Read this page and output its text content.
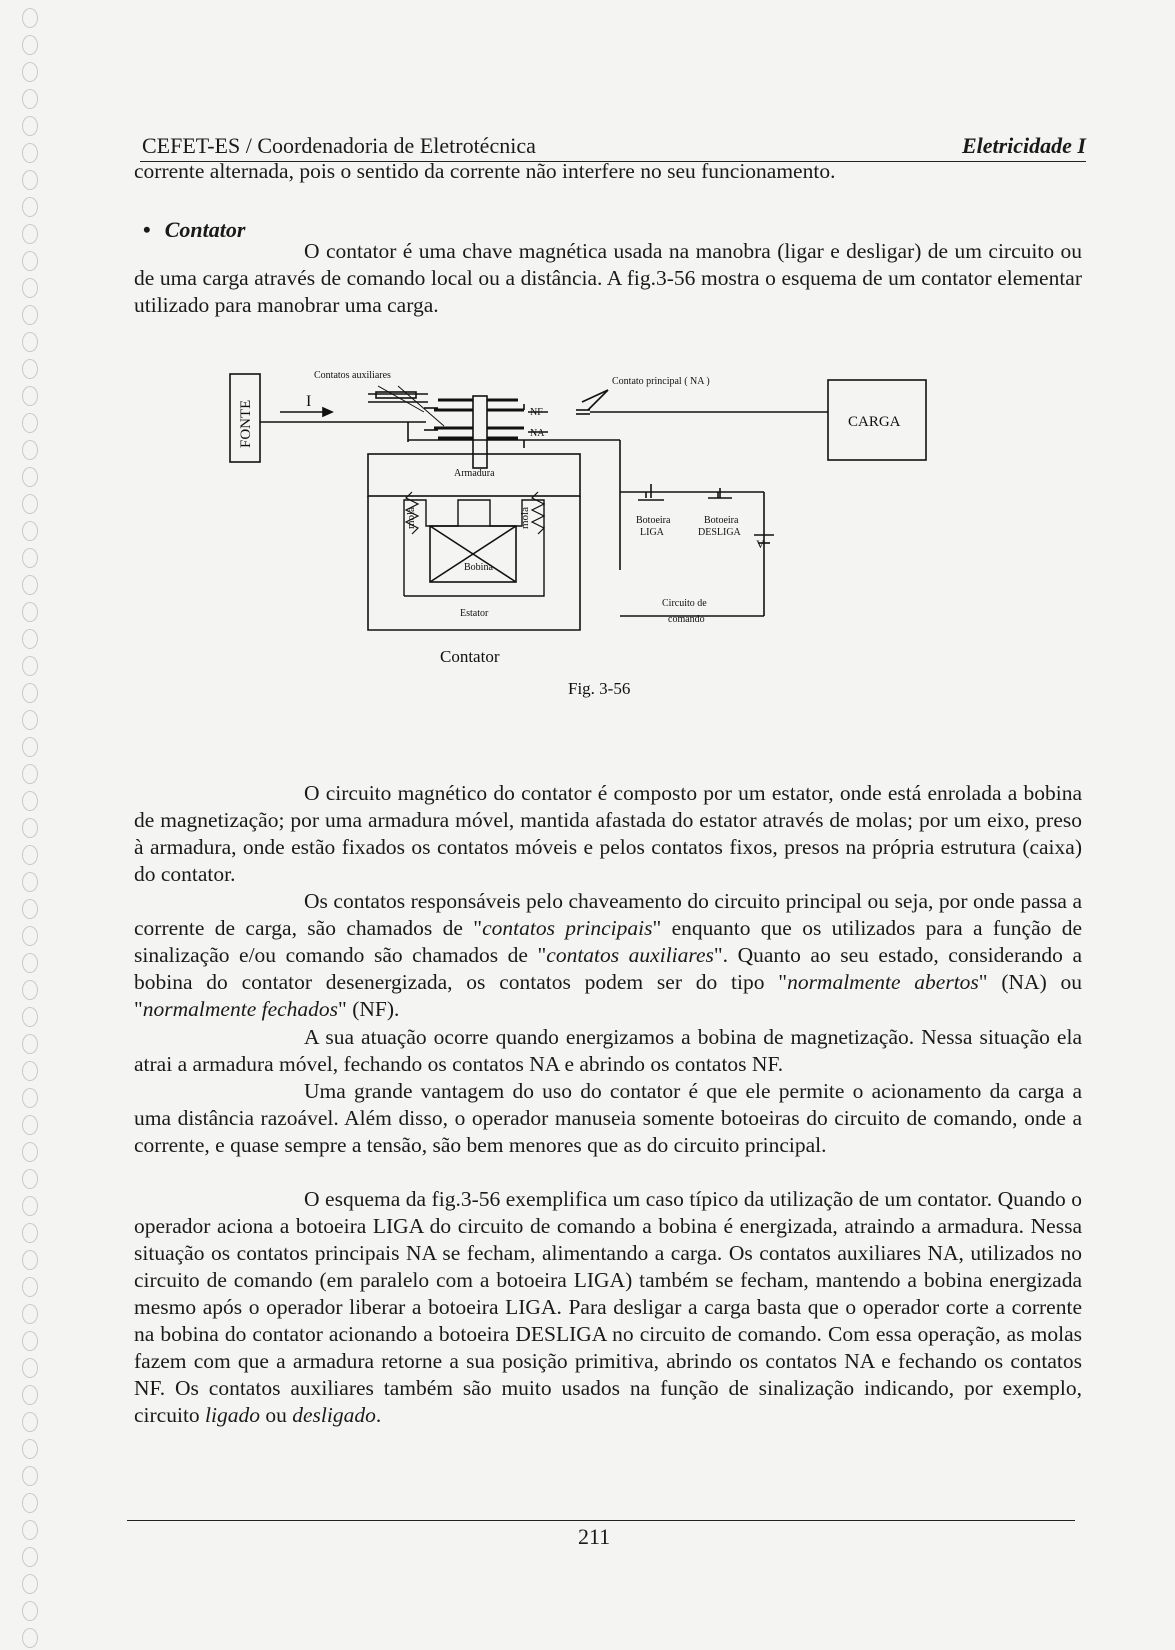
CEFET-ES / Coordenadoria de Eletrotécnica	Eletricidade I
corrente alternada, pois o sentido da corrente não interfere no seu funcionamento.
• Contator
O contator é uma chave magnética usada na manobra (ligar e desligar) de um circuito ou de uma carga através de comando local ou a distância. A fig.3-56 mostra o esquema de um contator elementar utilizado para manobrar uma carga.
Contatos auxiliares
Contato principal ( NA )
NF
NA
Armadura
Bobina
Estator
Botoeira
LIGA
Botoeira
DESLIGA
Circuito de
comando
mola	mola
FONTE	I
CARGA
V
Contator
Fig. 3-56
O circuito magnético do contator é composto por um estator, onde está enrolada a bobina de magnetização; por uma armadura móvel, mantida afastada do estator através de molas; por um eixo, preso à armadura, onde estão fixados os contatos móveis e pelos contatos fixos, presos na própria estrutura (caixa) do contator.
Os contatos responsáveis pelo chaveamento do circuito principal ou seja, por onde passa a corrente de carga, são chamados de "contatos principais" enquanto que os utilizados para a função de sinalização e/ou comando são chamados de "contatos auxiliares". Quanto ao seu estado, considerando a bobina do contator desenergizada, os contatos podem ser do tipo "normalmente abertos" (NA) ou "normalmente fechados" (NF).
A sua atuação ocorre quando energizamos a bobina de magnetização. Nessa situação ela atrai a armadura móvel, fechando os contatos NA e abrindo os contatos NF.
Uma grande vantagem do uso do contator é que ele permite o acionamento da carga a uma distância razoável. Além disso, o operador manuseia somente botoeiras do circuito de comando, onde a corrente, e quase sempre a tensão, são bem menores que as do circuito principal.
O esquema da fig.3-56 exemplifica um caso típico da utilização de um contator. Quando o operador aciona a botoeira LIGA do circuito de comando a bobina é energizada, atraindo a armadura. Nessa situação os contatos principais NA se fecham, alimentando a carga. Os contatos auxiliares NA, utilizados no circuito de comando (em paralelo com a botoeira LIGA) também se fecham, mantendo a bobina energizada mesmo após o operador liberar a botoeira LIGA. Para desligar a carga basta que o operador corte a corrente na bobina do contator acionando a botoeira DESLIGA no circuito de comando. Com essa operação, as molas fazem com que a armadura retorne a sua posição primitiva, abrindo os contatos NA e fechando os contatos NF. Os contatos auxiliares também são muito usados na função de sinalização indicando, por exemplo, circuito ligado ou desligado.
211
